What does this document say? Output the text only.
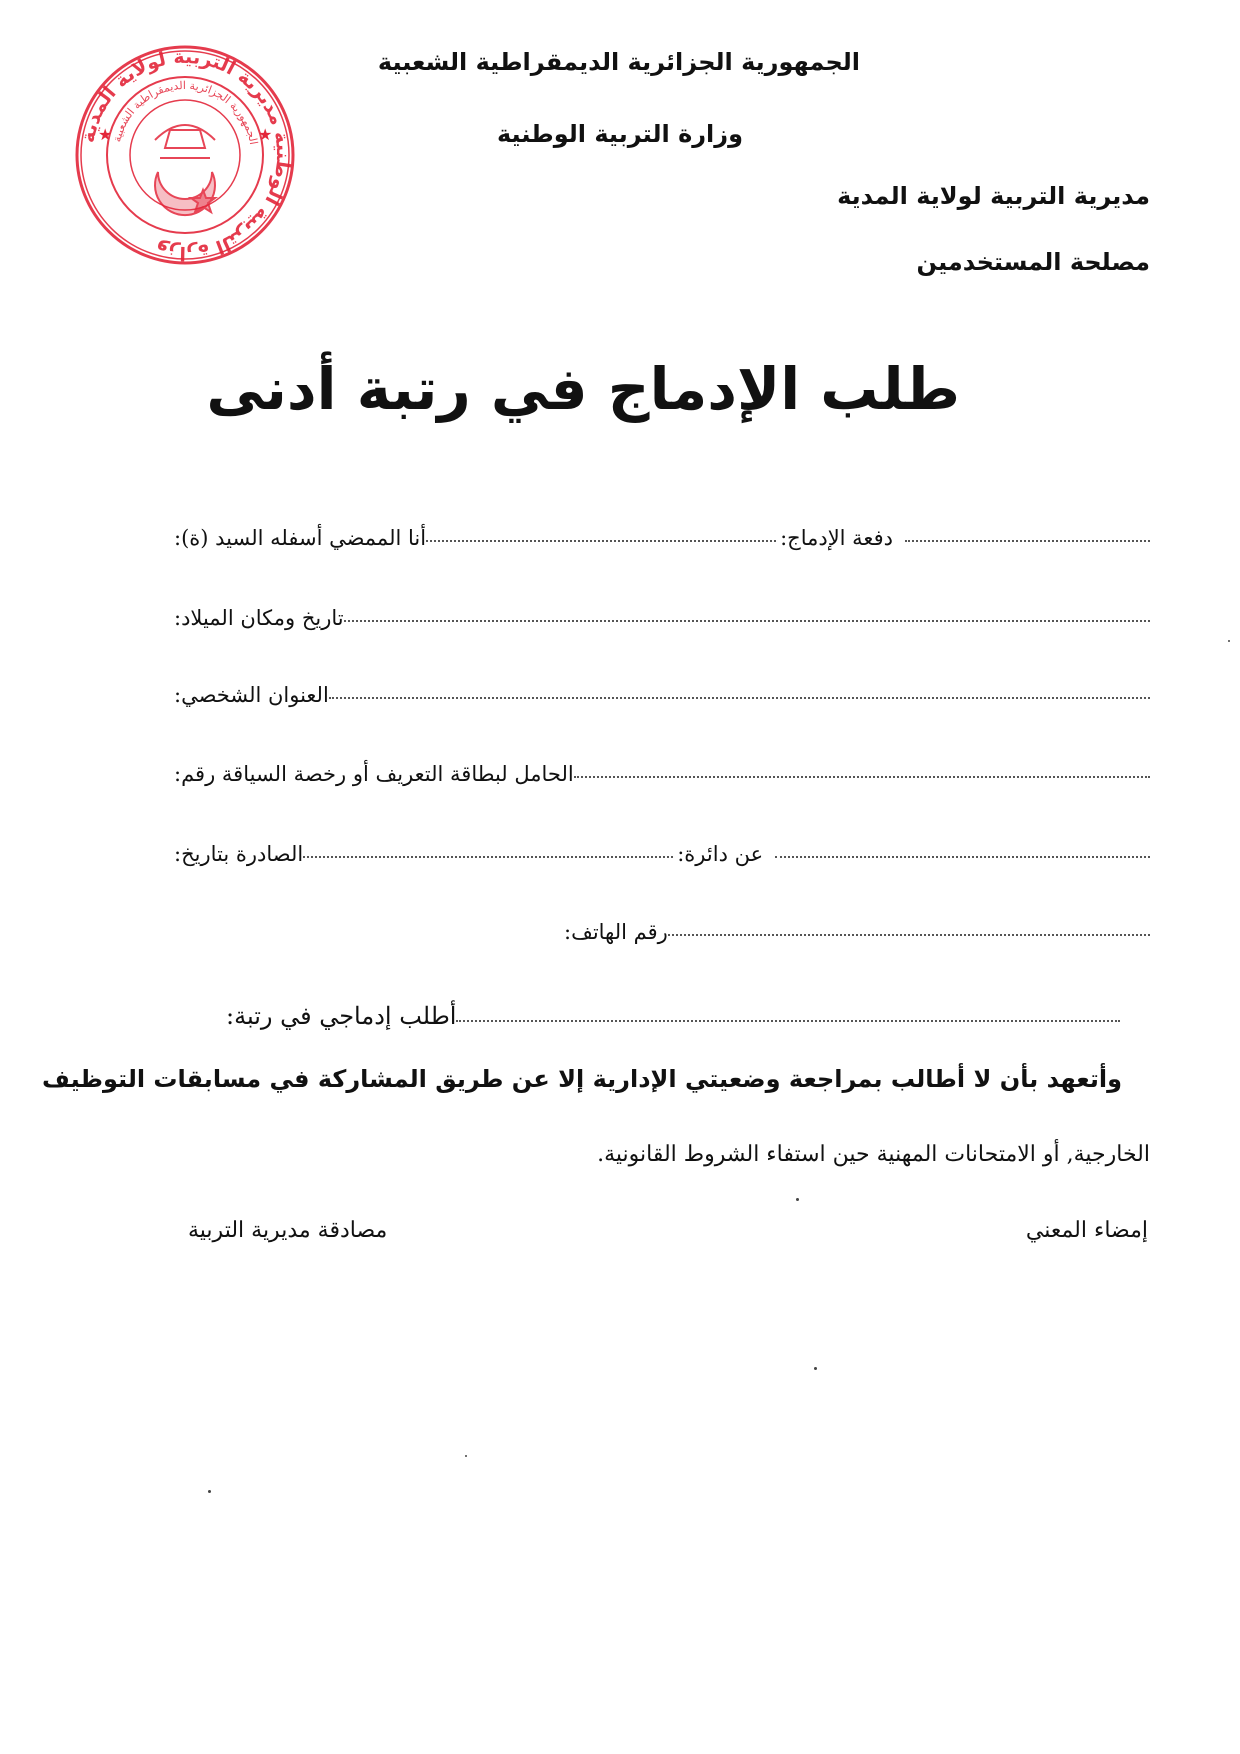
وزارة التربية الوطنية مديرية التربية لولاية المدية
الجمهورية الجزائرية الديمقراطية الشعبية
★	★
الجمهورية الجزائرية الديمقراطية الشعبية
وزارة التربية الوطنية
مديرية التربية لولاية المدية
مصلحة المستخدمين
طلب الإدماج في رتبة أدنى
أنا الممضي أسفله السيد (ة):	دفعة الإدماج:
تاريخ ومكان الميلاد:
العنوان الشخصي:
الحامل لبطاقة التعريف أو رخصة السياقة رقم:
الصادرة بتاريخ:	عن دائرة:
رقم الهاتف:
أطلب إدماجي في رتبة:
وأتعهد بأن لا أطالب بمراجعة وضعيتي الإدارية إلا عن طريق المشاركة في مسابقات التوظيف
الخارجية, أو الامتحانات المهنية حين استفاء الشروط القانونية.
إمضاء المعني
مصادقة مديرية التربية
